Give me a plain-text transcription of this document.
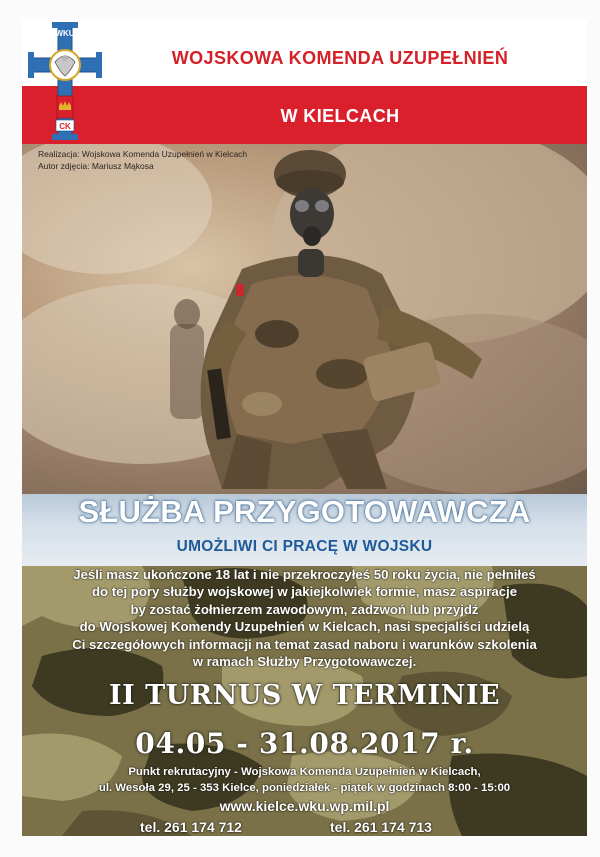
CK
WKU
WOJSKOWA KOMENDA UZUPEŁNIEŃ
W KIELCACH
Realizacja: Wojskowa Komenda Uzupełnień w Kielcach
Autor zdjęcia: Mariusz Mąkosa
SŁUŻBA PRZYGOTOWAWCZA
UMOŻLIWI CI PRACĘ W WOJSKU
Jeśli masz ukończone 18 lat i nie przekroczyłeś 50 roku życia, nie pełniłeś
do tej pory służby wojskowej w jakiejkolwiek formie, masz aspiracje
by zostać żołnierzem zawodowym, zadzwoń lub przyjdź
do Wojskowej Komendy Uzupełnień w Kielcach, nasi specjaliści udzielą
Ci szczegółowych informacji na temat zasad naboru i warunków szkolenia
w ramach Służby Przygotowawczej.
II TURNUS W TERMINIE
04.05 - 31.08.2017 r.
Punkt rekrutacyjny - Wojskowa Komenda Uzupełnień w Kielcach,
ul. Wesoła 29, 25 - 353 Kielce, poniedziałek - piątek w godzinach 8:00 - 15:00
www.kielce.wku.wp.mil.pl
tel. 261 174 712	tel. 261 174 713
